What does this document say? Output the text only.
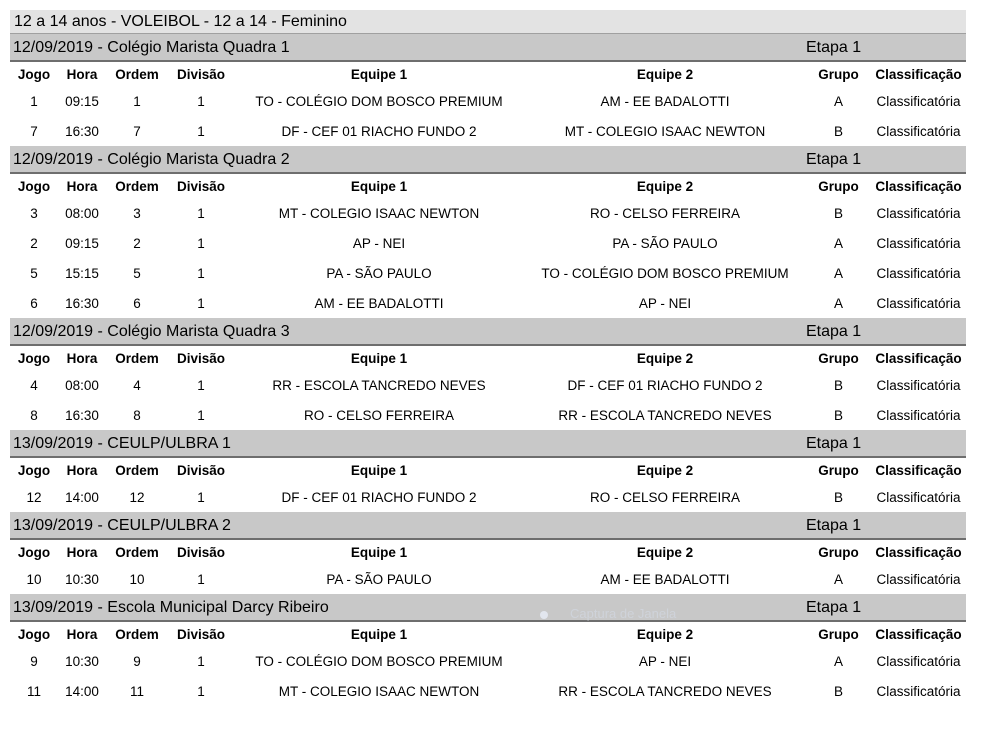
12 a 14 anos - VOLEIBOL - 12 a 14 - Feminino
12/09/2019 - Colégio Marista Quadra 1	Etapa 1
Jogo	Hora	Ordem	Divisão	Equipe 1	Equipe 2	Grupo	Classificação
1	09:15	1	1	TO - COLÉGIO DOM BOSCO PREMIUM	AM - EE BADALOTTI	A	Classificatória
7	16:30	7	1	DF - CEF 01 RIACHO FUNDO 2	MT - COLEGIO ISAAC NEWTON	B	Classificatória
12/09/2019 - Colégio Marista Quadra 2	Etapa 1
Jogo	Hora	Ordem	Divisão	Equipe 1	Equipe 2	Grupo	Classificação
3	08:00	3	1	MT - COLEGIO ISAAC NEWTON	RO - CELSO FERREIRA	B	Classificatória
2	09:15	2	1	AP - NEI	PA - SÃO PAULO	A	Classificatória
5	15:15	5	1	PA - SÃO PAULO	TO - COLÉGIO DOM BOSCO PREMIUM	A	Classificatória
6	16:30	6	1	AM - EE BADALOTTI	AP - NEI	A	Classificatória
12/09/2019 - Colégio Marista Quadra 3	Etapa 1
Jogo	Hora	Ordem	Divisão	Equipe 1	Equipe 2	Grupo	Classificação
4	08:00	4	1	RR - ESCOLA TANCREDO NEVES	DF - CEF 01 RIACHO FUNDO 2	B	Classificatória
8	16:30	8	1	RO - CELSO FERREIRA	RR - ESCOLA TANCREDO NEVES	B	Classificatória
13/09/2019 - CEULP/ULBRA 1	Etapa 1
Jogo	Hora	Ordem	Divisão	Equipe 1	Equipe 2	Grupo	Classificação
12	14:00	12	1	DF - CEF 01 RIACHO FUNDO 2	RO - CELSO FERREIRA	B	Classificatória
13/09/2019 - CEULP/ULBRA 2	Etapa 1
Jogo	Hora	Ordem	Divisão	Equipe 1	Equipe 2	Grupo	Classificação
10	10:30	10	1	PA - SÃO PAULO	AM - EE BADALOTTI	A	Classificatória
13/09/2019 - Escola Municipal Darcy Ribeiro	Etapa 1
Jogo	Hora	Ordem	Divisão	Equipe 1	Equipe 2	Grupo	Classificação
9	10:30	9	1	TO - COLÉGIO DOM BOSCO PREMIUM	AP - NEI	A	Classificatória
11	14:00	11	1	MT - COLEGIO ISAAC NEWTON	RR - ESCOLA TANCREDO NEVES	B	Classificatória
Captura de Janela
